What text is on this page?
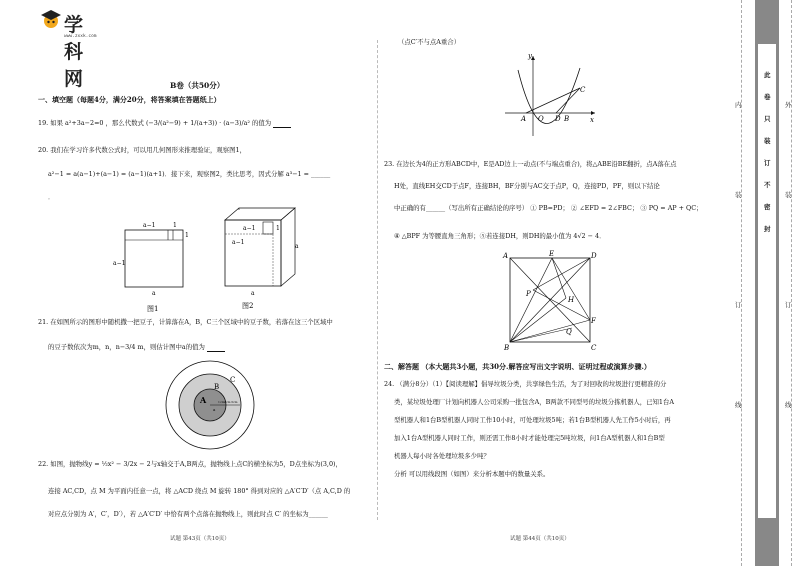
学科网
www.zxxk.com
B卷（共50分）
一、填空题（每题4分，满分20分，将答案填在答题纸上）
19. 如果 a²+3a−2=0 ，那么代数式 (−3/(a²−9) + 1/(a+3)) · (a−3)/a² 的值为
20. 我们在学习许多代数公式时，可以用几何图形来推理验证，观察图1，
a²−1 = a(a−1)+(a−1) = (a−1)(a+1)．接下来，观察图2，类比思考，因式分解 a³−1 = ______
．
a−1	1
1
a−1
a
图1
a−1	1
a−1
a
a
图2
21. 在如图所示的图形中随机撒一把豆子，计算落在A，B，C三个区域中的豆子数，若落在这三个区域中
的豆子数依次为m，n，n−3/4 m，则估计图中a的值为
A
B
C
a
1cm 2cm 3cm
22. 如图，抛物线y = ½x² − 3/2x − 2与x轴交于A,B两点，抛物线上点C的横坐标为5，D点坐标为(3,0)，
连接 AC,CD，点 M 为平面内任意一点，将 △ACD 绕点 M 旋转 180° 得到对应的 △A′C′D′（点 A,C,D 的
对应点分别为 A′，C′，D′），若 △A′C′D′ 中恰有两个点落在抛物线上，则此时点 C′ 的坐标为______
试题 第43页（共10页）
（点C′不与点A重合）
y
x
C
A O D B
23. 在边长为4的正方形ABCD中，E是AD边上一动点(不与端点重合)，将△ABE沿BE翻折，点A落在点
H处，直线EH交CD于点F，连接BH，BF分别与AC交于点P，Q，连接PD，PF，则以下结论
中正确的有______（写出所有正确结论的序号） ① PB=PD； ② ∠EFD = 2∠FBC； ③ PQ = AP + QC；
④ △BPF 为等腰直角三角形；⑤若连接DH，则DH的最小值为 4√2 − 4．
A	E	D
P
H
F
Q
B	C
二、解答题 （本大题共3小题，共30分.解答应写出文字说明、证明过程或演算步骤.）
24. （满分8分）（1）【阅读理解】倡导垃圾分类，共享绿色生活，为了对回收的垃圾进行更精准的分
类，某垃圾处理厂计划向机器人公司采购一批包含A，B两款不同型号的垃圾分拣机器人，已知1台A
型机器人和1台B型机器人同时工作10小时，可处理垃圾5吨；若1台B型机器人先工作5小时后，再
加入1台A型机器人同时工作，则还需工作8小时才能处理完5吨垃圾，问1台A型机器人和1台B型
机器人每小时各处理垃圾多少吨？
分析 可以用线段图（如图）来分析本题中的数量关系。
试题 第44页（共10页）
此
卷
只
装
订
不
密
封
内
装
订
线
外
装
订
线
